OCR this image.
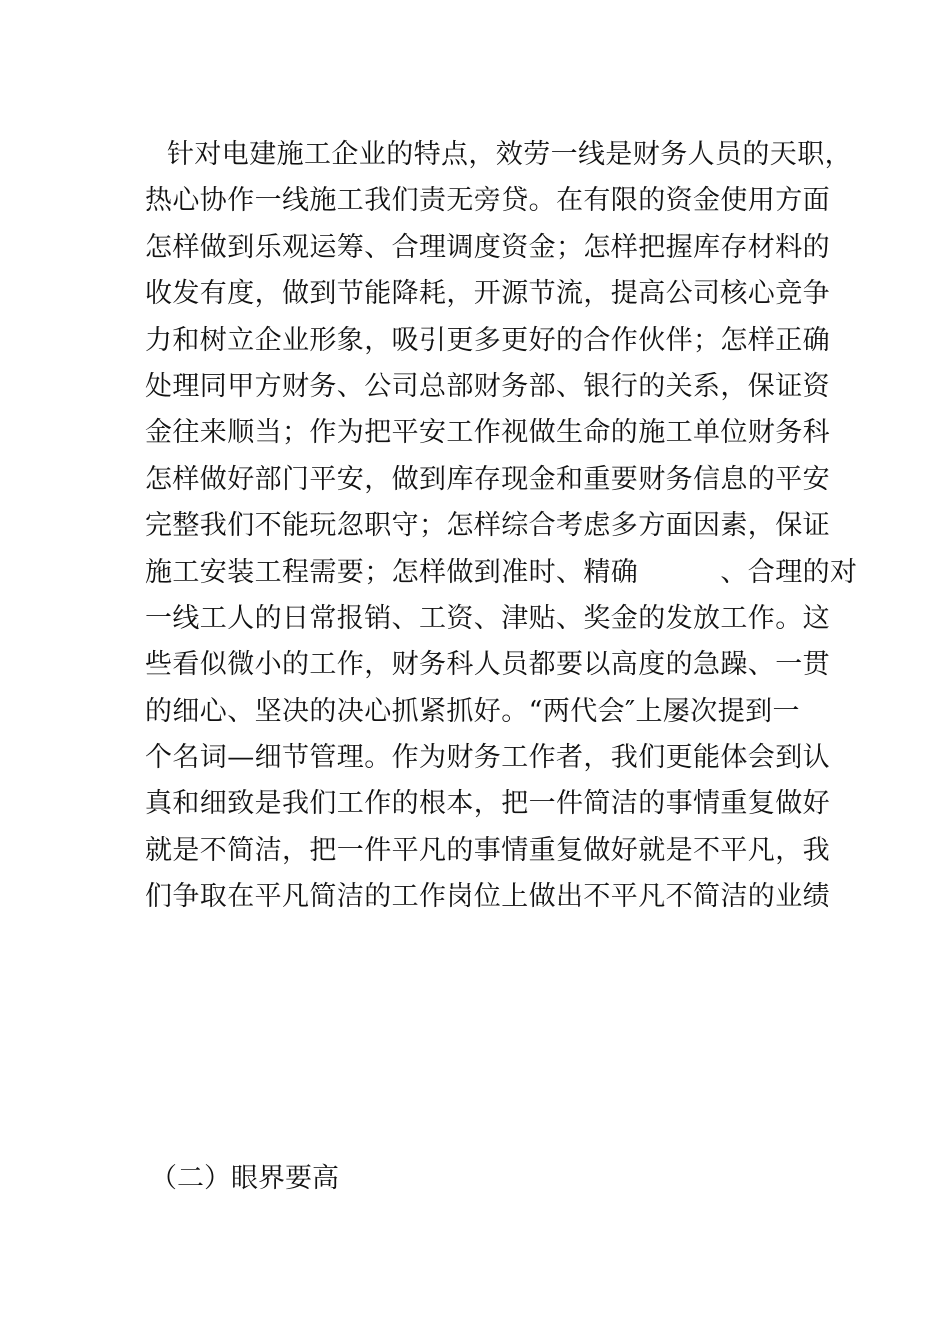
针对电建施工企业的特点，效劳一线是财务人员的天职，
热心协作一线施工我们责无旁贷。在有限的资金使用方面
怎样做到乐观运筹、合理调度资金；怎样把握库存材料的
收发有度，做到节能降耗，开源节流，提高公司核心竞争
力和树立企业形象，吸引更多更好的合作伙伴；怎样正确
处理同甲方财务、公司总部财务部、银行的关系，保证资
金往来顺当；作为把平安工作视做生命的施工单位财务科
怎样做好部门平安，做到库存现金和重要财务信息的平安
完整我们不能玩忽职守；怎样综合考虑多方面因素，保证
施工安装工程需要；怎样做到准时、精确　　　、合理的对
一线工人的日常报销、工资、津贴、奖金的发放工作。这
些看似微小的工作，财务科人员都要以高度的急躁、一贯
的细心、坚决的决心抓紧抓好。“两代会″上屡次提到一
个名词—细节管理。作为财务工作者，我们更能体会到认
真和细致是我们工作的根本，把一件简洁的事情重复做好
就是不简洁，把一件平凡的事情重复做好就是不平凡，我
们争取在平凡简洁的工作岗位上做出不平凡不简洁的业绩
（二）眼界要高
